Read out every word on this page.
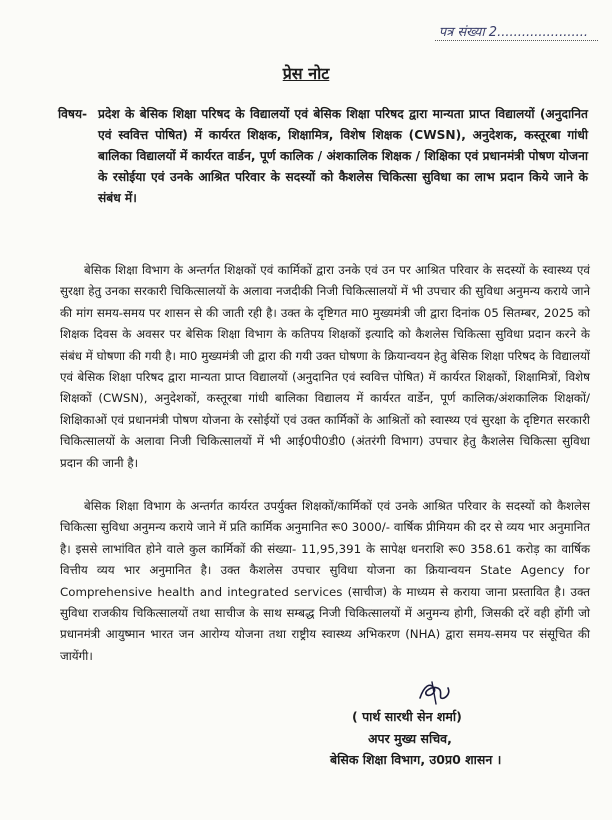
पत्र संख्या 2......................
प्रेस नोट
विषय- प्रदेश के बेसिक शिक्षा परिषद के विद्यालयों एवं बेसिक शिक्षा परिषद द्वारा मान्यता प्राप्त विद्यालयों (अनुदानित एवं स्ववित्त पोषित) में कार्यरत शिक्षक, शिक्षामित्र, विशेष शिक्षक (CWSN), अनुदेशक, कस्तूरबा गांधी बालिका विद्यालयों में कार्यरत वार्डन, पूर्ण कालिक / अंशकालिक शिक्षक / शिक्षिका एवं प्रधानमंत्री पोषण योजना के रसोईया एवं उनके आश्रित परिवार के सदस्यों को कैशलेस चिकित्सा सुविधा का लाभ प्रदान किये जाने के संबंध में।
बेसिक शिक्षा विभाग के अन्तर्गत शिक्षकों एवं कार्मिकों द्वारा उनके एवं उन पर आश्रित परिवार के सदस्यों के स्वास्थ्य एवं सुरक्षा हेतु उनका सरकारी चिकित्सालयों के अलावा नजदीकी निजी चिकित्सालयों में भी उपचार की सुविधा अनुमन्य कराये जाने की मांग समय-समय पर शासन से की जाती रही है। उक्त के दृष्टिगत मा0 मुख्यमंत्री जी द्वारा दिनांक 05 सितम्बर, 2025 को शिक्षक दिवस के अवसर पर बेसिक शिक्षा विभाग के कतिपय शिक्षकों इत्यादि को कैशलेस चिकित्सा सुविधा प्रदान करने के संबंध में घोषणा की गयी है। मा0 मुख्यमंत्री जी द्वारा की गयी उक्त घोषणा के क्रियान्वयन हेतु बेसिक शिक्षा परिषद के विद्यालयों एवं बेसिक शिक्षा परिषद द्वारा मान्यता प्राप्त विद्यालयों (अनुदानित एवं स्ववित्त पोषित) में कार्यरत शिक्षकों, शिक्षामित्रों, विशेष शिक्षकों (CWSN), अनुदेशकों, कस्तूरबा गांधी बालिका विद्यालय में कार्यरत वार्डेन, पूर्ण कालिक/अंशकालिक शिक्षकों/शिक्षिकाओं एवं प्रधानमंत्री पोषण योजना के रसोईयों एवं उक्त कार्मिकों के आश्रितों को स्वास्थ्य एवं सुरक्षा के दृष्टिगत सरकारी चिकित्सालयों के अलावा निजी चिकित्सालयों में भी आई0पी0डी0 (अंतरंगी विभाग) उपचार हेतु कैशलेस चिकित्सा सुविधा प्रदान की जानी है।
बेसिक शिक्षा विभाग के अन्तर्गत कार्यरत उपर्युक्त शिक्षकों/कार्मिकों एवं उनके आश्रित परिवार के सदस्यों को कैशलेस चिकित्सा सुविधा अनुमन्य कराये जाने में प्रति कार्मिक अनुमानित रू0 3000/- वार्षिक प्रीमियम की दर से व्यय भार अनुमानित है। इससे लाभांवित होने वाले कुल कार्मिकों की संख्या- 11,95,391 के सापेक्ष धनराशि रू0 358.61 करोड़ का वार्षिक वित्तीय व्यय भार अनुमानित है। उक्त कैशलेस उपचार सुविधा योजना का क्रियान्वयन State Agency for Comprehensive health and integrated services (साचीज) के माध्यम से कराया जाना प्रस्तावित है। उक्त सुविधा राजकीय चिकित्सालयों तथा साचीज के साथ सम्बद्ध निजी चिकित्सालयों में अनुमन्य होगी, जिसकी दरें वही होंगी जो प्रधानमंत्री आयुष्मान भारत जन आरोग्य योजना तथा राष्ट्रीय स्वास्थ्य अभिकरण (NHA) द्वारा समय-समय पर संसूचित की जायेंगी।
( पार्थ सारथी सेन शर्मा)
अपर मुख्य सचिव,
बेसिक शिक्षा विभाग, उ0प्र0 शासन ।
